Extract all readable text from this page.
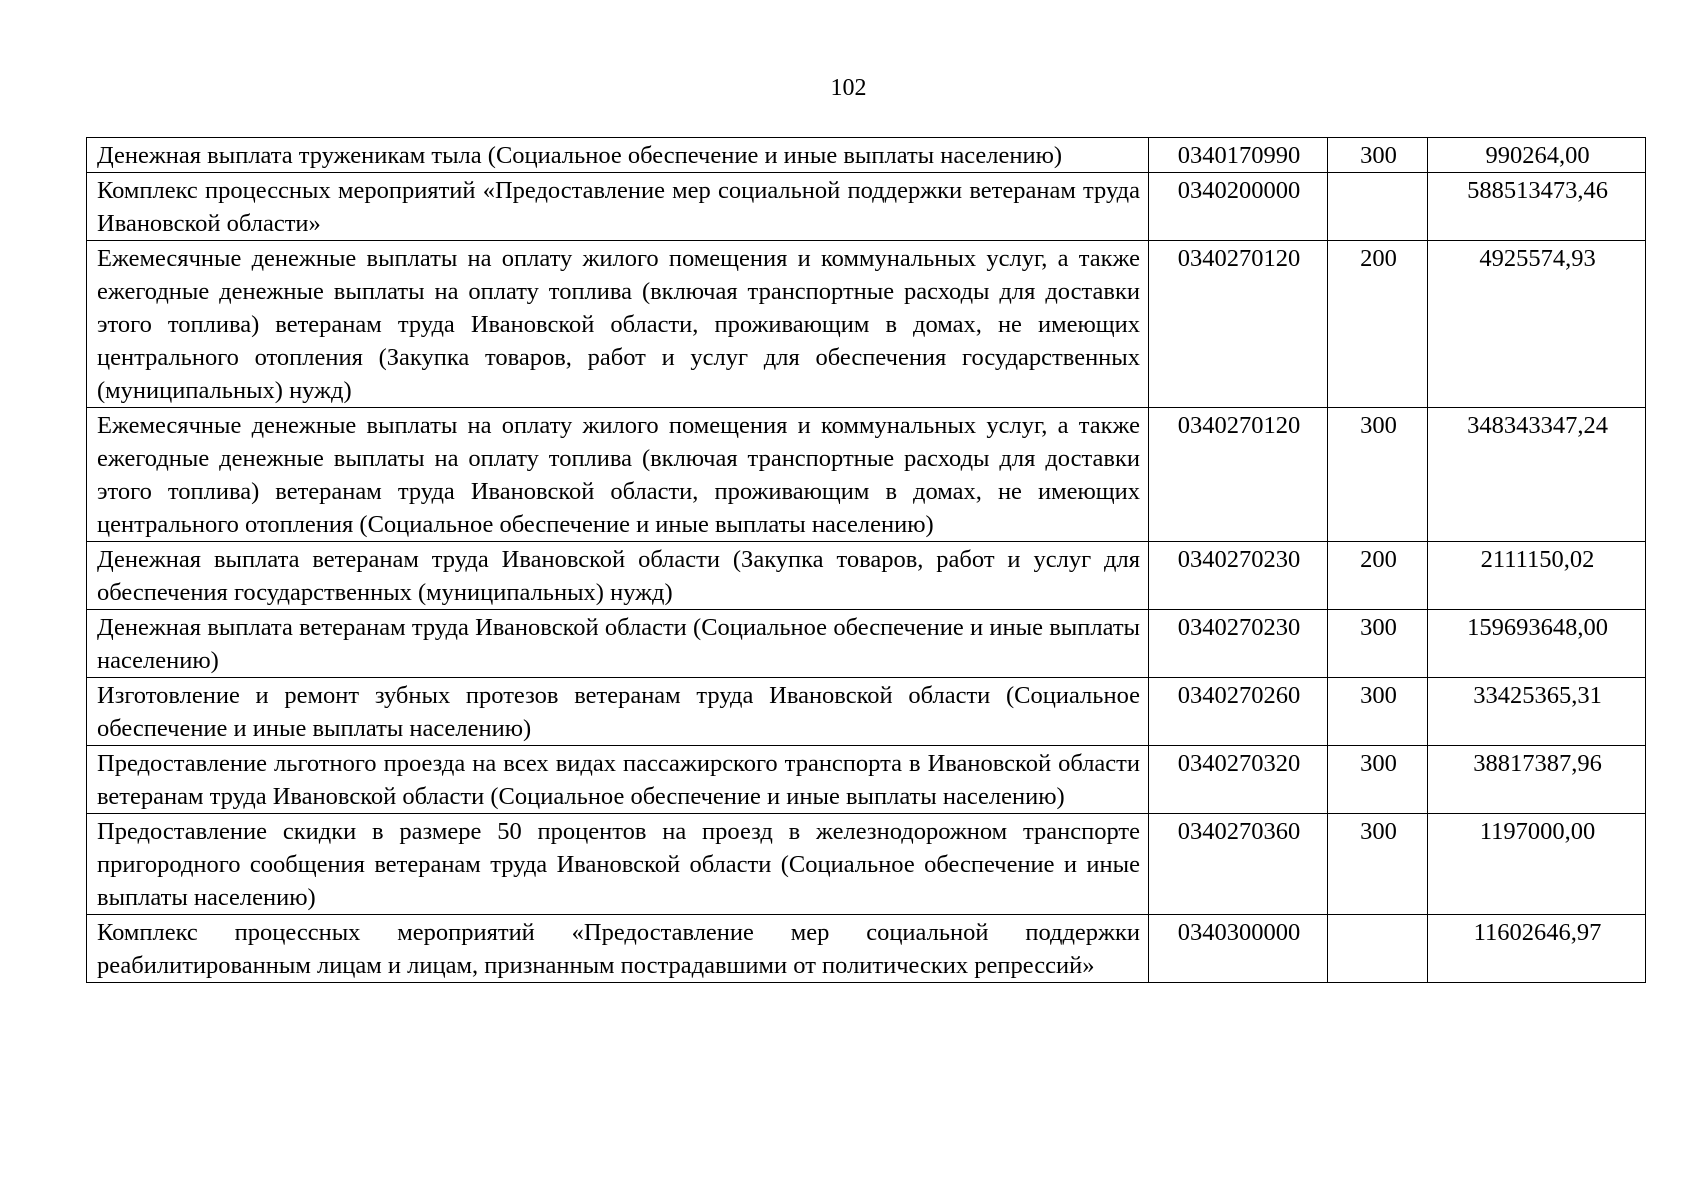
102
Денежная выплата труженикам тыла (Социальное обеспечение и иные выплаты населению)	0340170990	300	990264,00
Комплекс процессных мероприятий «Предоставление мер социальной поддержки ветеранам труда Ивановской области»	0340200000		588513473,46
Ежемесячные денежные выплаты на оплату жилого помещения и коммунальных услуг, а также ежегодные денежные выплаты на оплату топлива (включая транспортные расходы для доставки этого топлива) ветеранам труда Ивановской области, проживающим в домах, не имеющих центрального отопления (Закупка товаров, работ и услуг для обеспечения государственных (муниципальных) нужд)	0340270120	200	4925574,93
Ежемесячные денежные выплаты на оплату жилого помещения и коммунальных услуг, а также ежегодные денежные выплаты на оплату топлива (включая транспортные расходы для доставки этого топлива) ветеранам труда Ивановской области, проживающим в домах, не имеющих центрального отопления (Социальное обеспечение и иные выплаты населению)	0340270120	300	348343347,24
Денежная выплата ветеранам труда Ивановской области (Закупка товаров, работ и услуг для обеспечения государственных (муниципальных) нужд)	0340270230	200	2111150,02
Денежная выплата ветеранам труда Ивановской области (Социальное обеспечение и иные выплаты населению)	0340270230	300	159693648,00
Изготовление и ремонт зубных протезов ветеранам труда Ивановской области (Социальное обеспечение и иные выплаты населению)	0340270260	300	33425365,31
Предоставление льготного проезда на всех видах пассажирского транспорта в Ивановской области ветеранам труда Ивановской области (Социальное обеспечение и иные выплаты населению)	0340270320	300	38817387,96
Предоставление скидки в размере 50 процентов на проезд в железнодорожном транспорте пригородного сообщения ветеранам труда Ивановской области (Социальное обеспечение и иные выплаты населению)	0340270360	300	1197000,00
Комплекс процессных мероприятий «Предоставление мер социальной поддержки реабилитированным лицам и лицам, признанным пострадавшими от политических репрессий»	0340300000		11602646,97
